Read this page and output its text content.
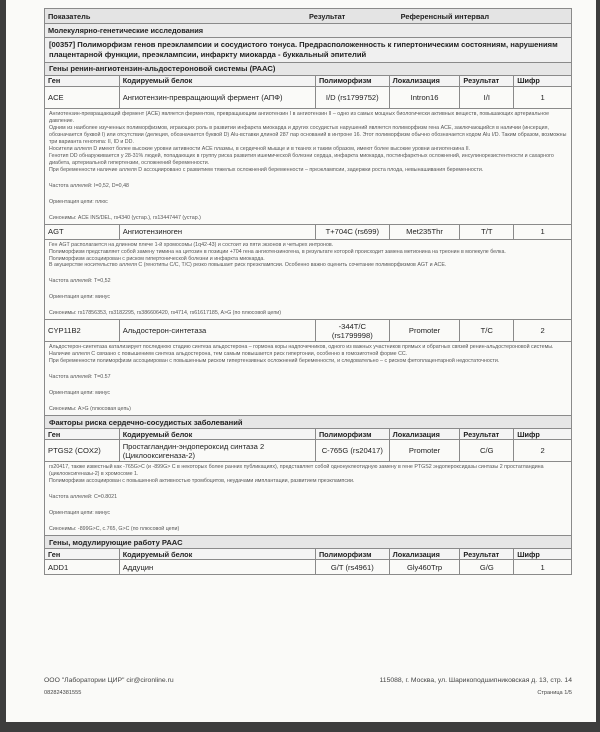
Показатель	Результат	Референсный интервал
Молекулярно-генетические исследования
[00357] Полиморфизм генов преэклампсии и сосудистого тонуса. Предрасположенность к гипертоническим состояниям, нарушениям плацентарной функции, преэклампсии, инфаркту миокарда - буккальный эпителий
Гены ренин-ангиотензин-альдостероновой системы (РААС)
Ген	Кодируемый белок	Полиморфизм	Локализация	Результат	Шифр
ACE	Ангиотензин-превращающий фермент (АПФ)	I/D (rs1799752)	Intron16	I/I	1

Ангиотензин-превращающий фермент (ACE) является ферментом, превращающим ангиотензин I в ангиотензин II – одно из самых мощных биологически активных веществ, повышающих артериальное давление.

Одним из наиболее изученных полиморфизмов, играющих роль в развитии инфаркта миокарда и других сосудистых нарушений является полиморфизм гена ACE, заключающийся в наличии (инсерция, обозначается буквой I) или отсутствии (делеция, обозначается буквой D) Alu-вставки длиной 287 пар оснований в интроне 16. Этот полиморфизм обычно обозначается кодом Alu I/D. Таким образом, возможны три варианта генотипа: II, ID и DD.

Носители аллеля D имеют более высокие уровни активности ACE плазмы, в сердечной мышце и в тканях и таким образом, имеют более высокие уровни ангиотензина II.

Генотип DD обнаруживается у 28-31% людей, попадающих в группу риска развития ишемической болезни сердца, инфаркта миокарда, постинфарктных осложнений, инсулинорезистентности и сахарного диабета, артериальной гипертензии, осложнений беременности.

При беременности наличие аллеля D ассоциировано с развитием тяжелых осложнений беременности – преэклампсии, задержки роста плода, невынашивания беременности.

Частота аллелей: I=0,52, D=0,48

Ориентация цепи: плюс

Синонимы: ACE INS/DEL, rs4340 (устар.), rs13447447 (устар.)

AGT	Ангиотензиноген	T+704C (rs699)	Met235Thr	T/T	1

Ген AGT располагается на длинном плече 1-й хромосомы (1q42-43) и состоит из пяти экзонов и четырех интронов.

Полиморфизм представляет собой замену тимина на цитозин в позиции +704 гена ангиотензиногена, в результате которой происходит замена метионина на треонин в молекуле белка.

Полиморфизм ассоциирован с риском гипертонической болезни и инфаркта миокарда.

В акушерстве носительство аллеля C (генотипы C/C, T/C) резко повышает риск преэклампсии. Особенно важно оценить сочетание полиморфизмов AGT и ACE.

Частота аллелей: T=0,52

Ориентация цепи: минус

Синонимы: rs17856353, rs3182295, rs386606420, rs4714, rs61617185, A>G (по плюсовой цепи)

CYP11B2	Альдостерон-синтетаза	-344T/C (rs1799998)	Promoter	T/C	2

Альдостерон-синтетаза катализирует последнюю стадию синтеза альдостерона – гормона коры надпочечников, одного из важных участников прямых и обратных связей ренин-альдостероновой системы.

Наличие аллеля C связано с повышением синтеза альдостерона, тем самым повышается риск гипертонии, особенно в гомозиготной форме CC.

При беременности полиморфизм ассоциирован с повышенным риском гипертензивных осложнений беременности, и следовательно – с риском фетоплацентарной недостаточности.

Частота аллелей: T=0.57

Ориентация цепи: минус

Синонимы: A>G (плюсовая цепь)

Факторы риска сердечно-сосудистых заболеваний
Ген	Кодируемый белок	Полиморфизм	Локализация	Результат	Шифр
PTGS2 (COX2)	Простагландин-эндопероксид синтаза 2 (Циклооксигеназа-2)	C-765G (rs20417)	Promoter	C/G	2

rs20417, также известный как -765G>C (и -899G> C в некоторых более ранних публикациях), представляет собой однонуклеотидную замену в гене PTGS2 эндопероксидазы синтазы 2 простагландина (циклооксигеназы-2) в хромосоме 1.

Полиморфизм ассоциирован с повышенной активностью тромбоцитов, неудачами имплантации, развитием преэклампсии.

Частота аллелей: C=0.8021

Ориентация цепи: минус

Синонимы: -899G>C, c.765, G>C (по плюсовой цепи)

Гены, модулирующие работу РААС
Ген	Кодируемый белок	Полиморфизм	Локализация	Результат	Шифр
ADD1	Аддуцин	G/T (rs4961)	Gly460Trp	G/G	1
ООО "Лаборатории ЦИР" cir@cironline.ru	115088, г. Москва, ул. Шарикоподшипниковская д. 13, стр. 14
082824381555	Страница 1/5
